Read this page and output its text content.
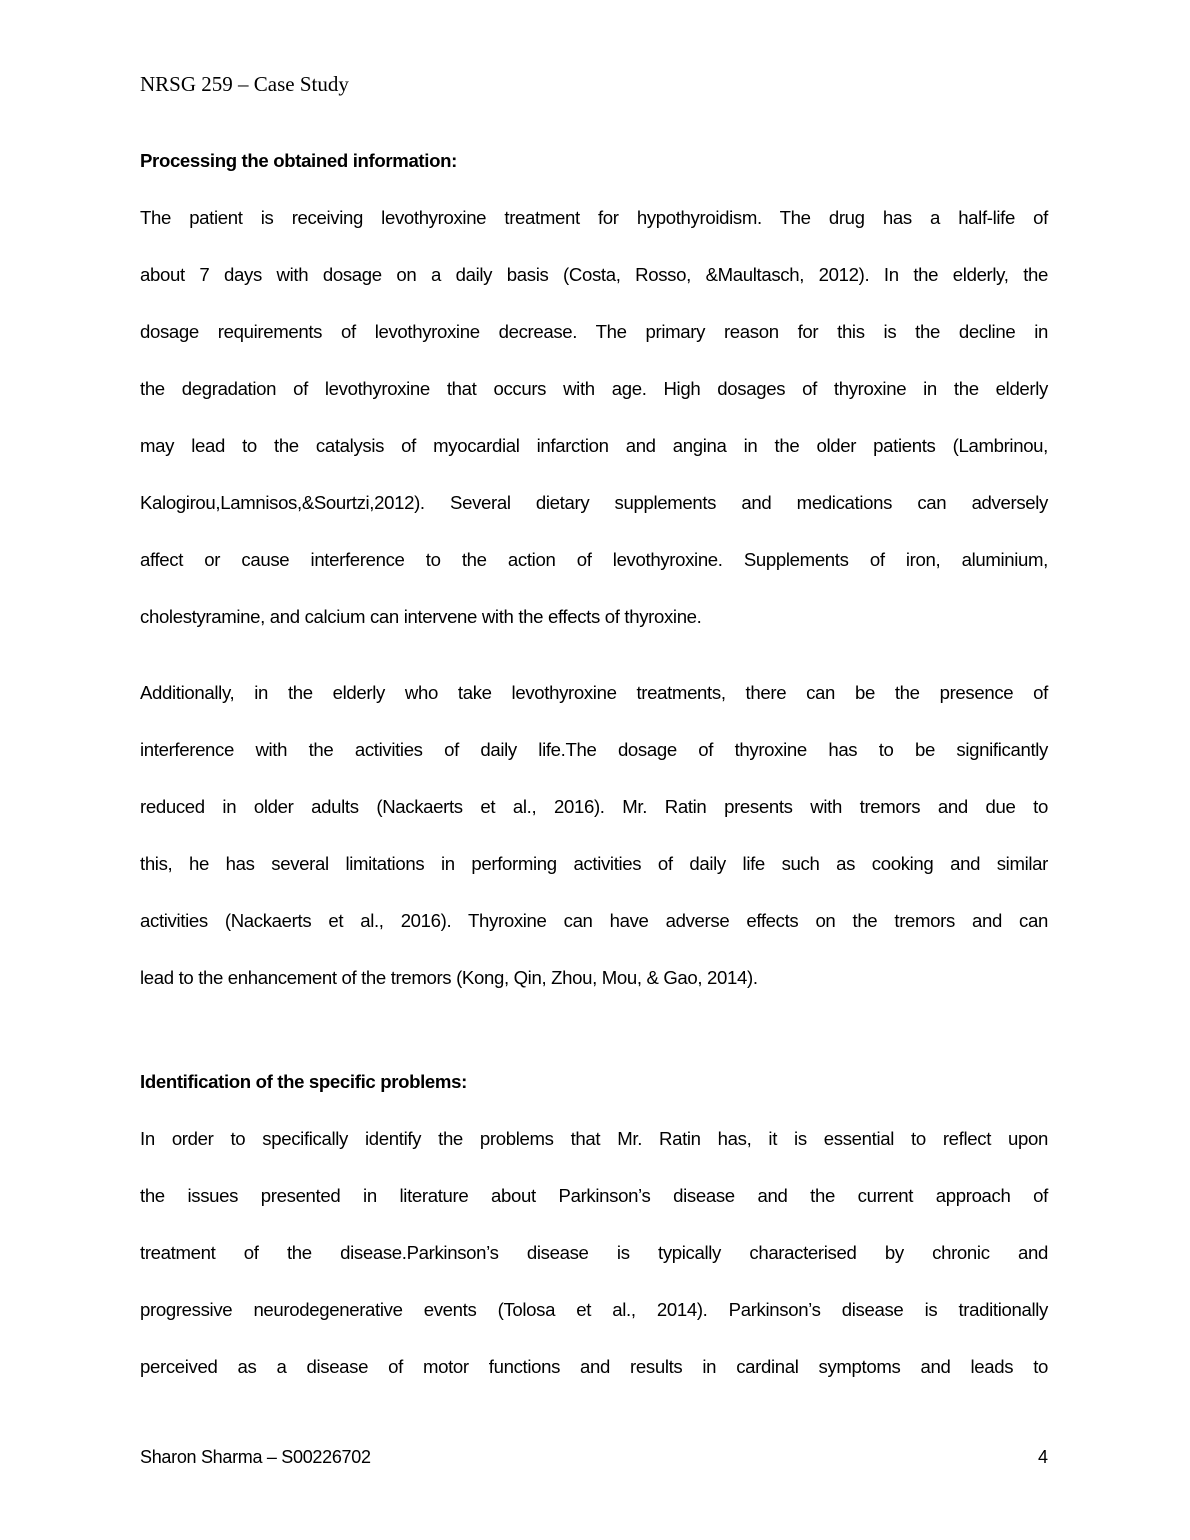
NRSG 259 – Case Study
Processing the obtained information:
The patient is receiving levothyroxine treatment for hypothyroidism. The drug has a half-life of
about 7 days with dosage on a daily basis (Costa, Rosso, &Maultasch, 2012). In the elderly, the
dosage requirements of levothyroxine decrease. The primary reason for this is the decline in
the degradation of levothyroxine that occurs with age. High dosages of thyroxine in the elderly
may lead to the catalysis of myocardial infarction and angina in the older patients (Lambrinou,
Kalogirou,Lamnisos,&Sourtzi,2012). Several dietary supplements and medications can adversely
affect or cause interference to the action of levothyroxine. Supplements of iron, aluminium,
cholestyramine, and calcium can intervene with the effects of thyroxine.
Additionally, in the elderly who take levothyroxine treatments, there can be the presence of
interference with the activities of daily life.The dosage of thyroxine has to be significantly
reduced in older adults (Nackaerts et al., 2016). Mr. Ratin presents with tremors and due to
this, he has several limitations in performing activities of daily life such as cooking and similar
activities (Nackaerts et al., 2016). Thyroxine can have adverse effects on the tremors and can
lead to the enhancement of the tremors (Kong, Qin, Zhou, Mou, & Gao, 2014).
Identification of the specific problems:
In order to specifically identify the problems that Mr. Ratin has, it is essential to reflect upon
the issues presented in literature about Parkinson’s disease and the current approach of
treatment of the disease.Parkinson’s disease is typically characterised by chronic and
progressive neurodegenerative events (Tolosa et al., 2014). Parkinson’s disease is traditionally
perceived as a disease of motor functions and results in cardinal symptoms and leads to
Sharon Sharma – S00226702	4
